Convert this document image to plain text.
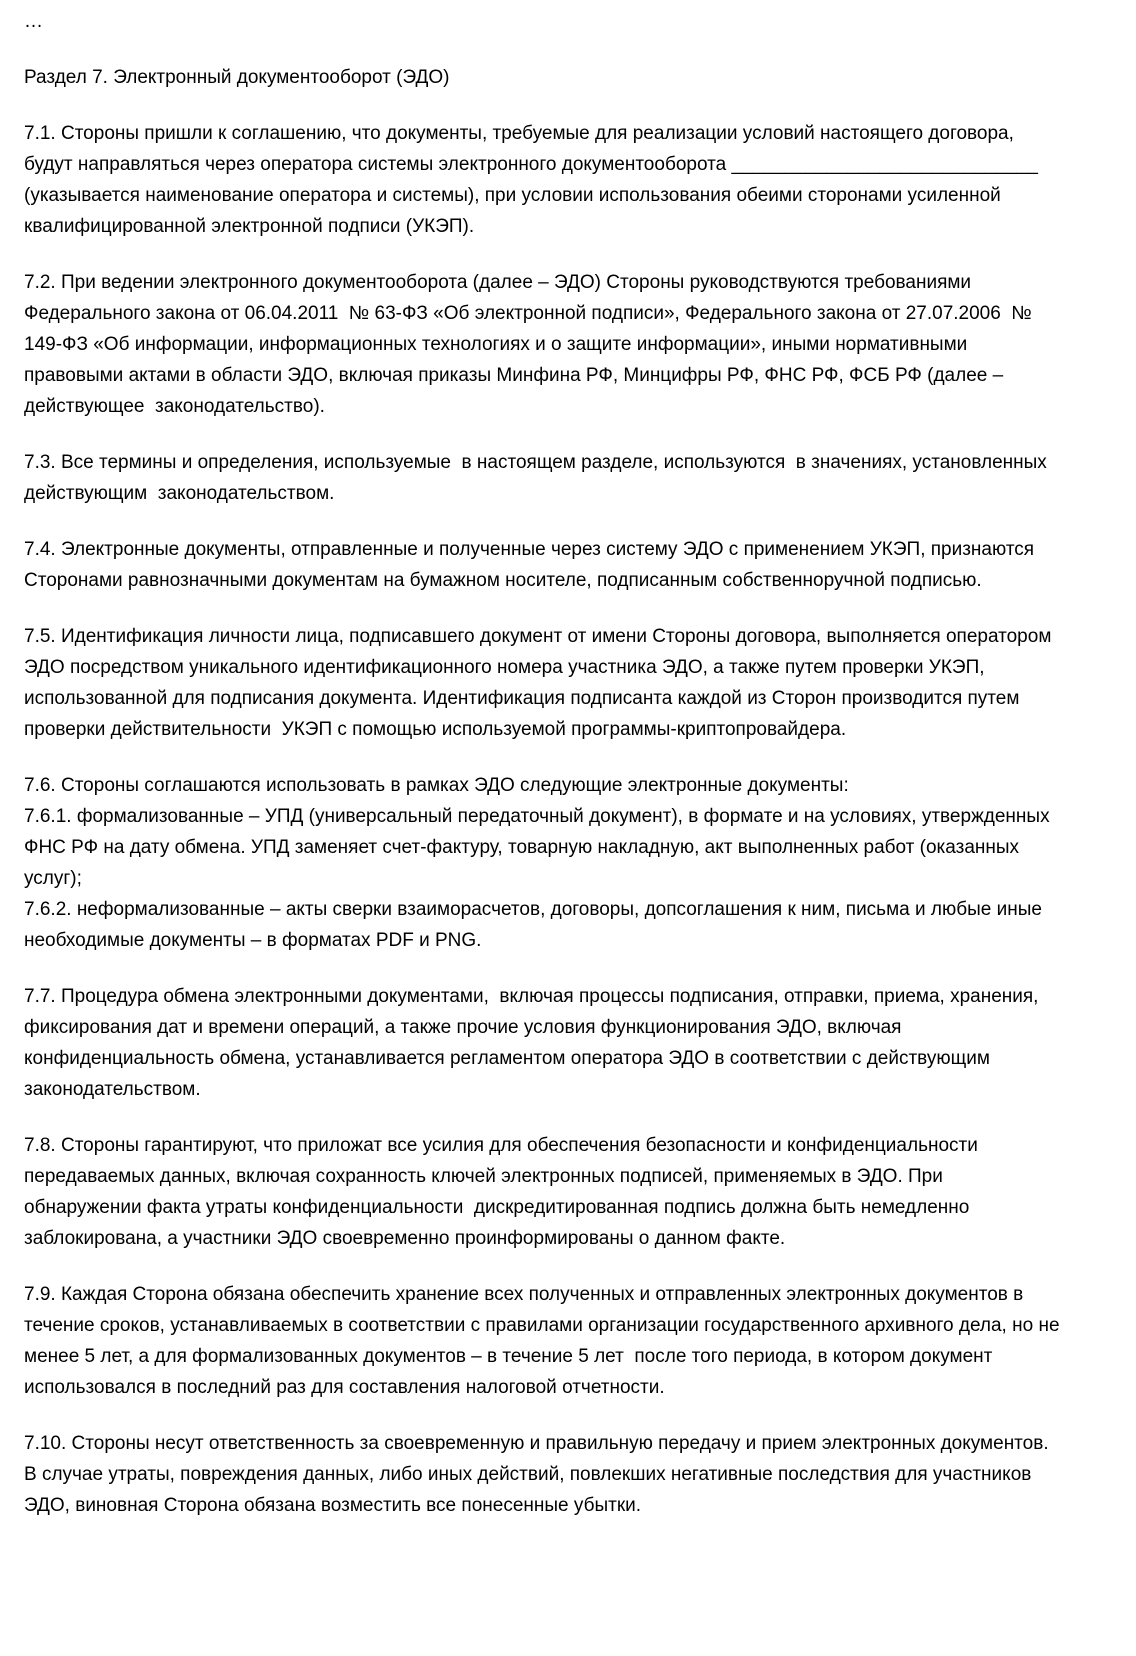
…

Раздел 7. Электронный документооборот (ЭДО)

7.1. Стороны пришли к соглашению, что документы, требуемые для реализации условий настоящего договора, будут направляться через оператора системы электронного документооборота _____________________________ (указывается наименование оператора и системы), при условии использования обеими сторонами усиленной квалифицированной электронной подписи (УКЭП).

7.2. При ведении электронного документооборота (далее – ЭДО) Стороны руководствуются требованиями Федерального закона от 06.04.2011  № 63-ФЗ «Об электронной подписи», Федерального закона от 27.07.2006  № 149-ФЗ «Об информации, информационных технологиях и о защите информации», иными нормативными правовыми актами в области ЭДО, включая приказы Минфина РФ, Минцифры РФ, ФНС РФ, ФСБ РФ (далее – действующее  законодательство).

7.3. Все термины и определения, используемые  в настоящем разделе, используются  в значениях, установленных действующим  законодательством.

7.4. Электронные документы, отправленные и полученные через систему ЭДО с применением УКЭП, признаются Сторонами равнозначными документам на бумажном носителе, подписанным собственноручной подписью.

7.5. Идентификация личности лица, подписавшего документ от имени Стороны договора, выполняется оператором ЭДО посредством уникального идентификационного номера участника ЭДО, а также путем проверки УКЭП, использованной для подписания документа. Идентификация подписанта каждой из Сторон производится путем проверки действительности  УКЭП с помощью используемой программы-криптопровайдера.

7.6. Стороны соглашаются использовать в рамках ЭДО следующие электронные документы:

7.6.1. формализованные – УПД (универсальный передаточный документ), в формате и на условиях, утвержденных ФНС РФ на дату обмена. УПД заменяет счет-фактуру, товарную накладную, акт выполненных работ (оказанных услуг);

7.6.2. неформализованные – акты сверки взаиморасчетов, договоры, допсоглашения к ним, письма и любые иные необходимые документы – в форматах PDF и PNG.

7.7. Процедура обмена электронными документами,  включая процессы подписания, отправки, приема, хранения, фиксирования дат и времени операций, а также прочие условия функционирования ЭДО, включая конфиденциальность обмена, устанавливается регламентом оператора ЭДО в соответствии с действующим законодательством.

7.8. Стороны гарантируют, что приложат все усилия для обеспечения безопасности и конфиденциальности передаваемых данных, включая сохранность ключей электронных подписей, применяемых в ЭДО. При обнаружении факта утраты конфиденциальности  дискредитированная подпись должна быть немедленно заблокирована, а участники ЭДО своевременно проинформированы о данном факте.

7.9. Каждая Сторона обязана обеспечить хранение всех полученных и отправленных электронных документов в течение сроков, устанавливаемых в соответствии с правилами организации государственного архивного дела, но не менее 5 лет, а для формализованных документов – в течение 5 лет  после того периода, в котором документ использовался в последний раз для составления налоговой отчетности.

7.10. Стороны несут ответственность за своевременную и правильную передачу и прием электронных документов. В случае утраты, повреждения данных, либо иных действий, повлекших негативные последствия для участников ЭДО, виновная Сторона обязана возместить все понесенные убытки.
